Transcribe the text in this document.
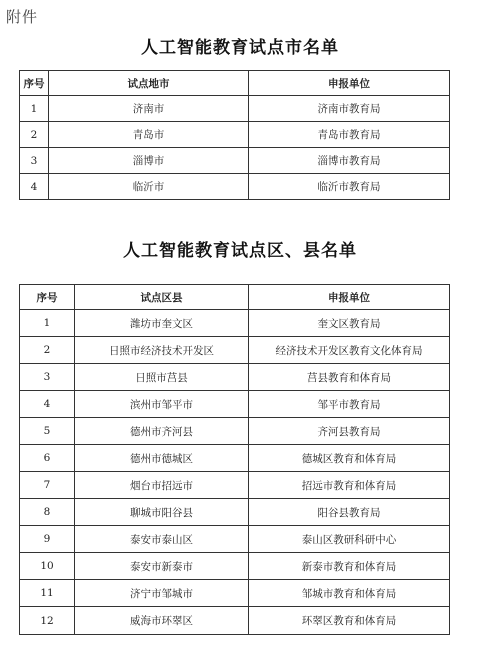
附件
人工智能教育试点市名单
序号	试点地市	申报单位
1	济南市	济南市教育局
2	青岛市	青岛市教育局
3	淄博市	淄博市教育局
4	临沂市	临沂市教育局
人工智能教育试点区、县名单
序号	试点区县	申报单位
1	潍坊市奎文区	奎文区教育局
2	日照市经济技术开发区	经济技术开发区教育文化体育局
3	日照市莒县	莒县教育和体育局
4	滨州市邹平市	邹平市教育局
5	德州市齐河县	齐河县教育局
6	德州市德城区	德城区教育和体育局
7	烟台市招远市	招远市教育和体育局
8	聊城市阳谷县	阳谷县教育局
9	泰安市泰山区	泰山区教研科研中心
10	泰安市新泰市	新泰市教育和体育局
11	济宁市邹城市	邹城市教育和体育局
12	威海市环翠区	环翠区教育和体育局
